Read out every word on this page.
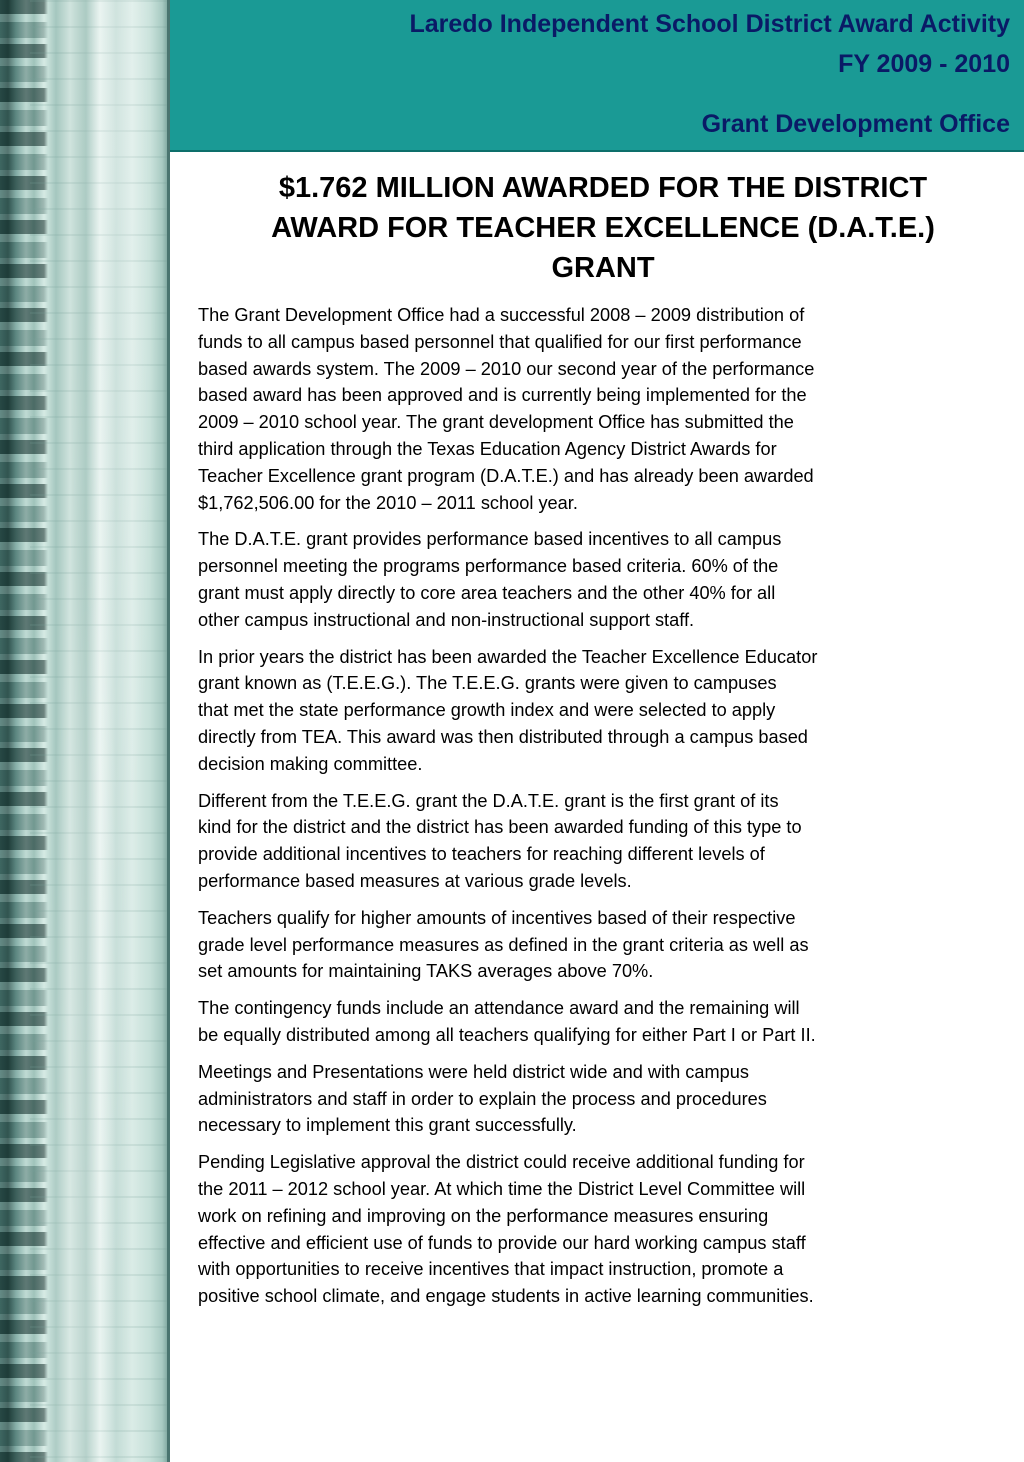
Laredo Independent School District Award Activity
FY 2009 - 2010
Grant Development Office
$1.762 MILLION AWARDED FOR THE DISTRICT
AWARD FOR TEACHER EXCELLENCE (D.A.T.E.)
GRANT

The Grant Development Office had a successful 2008 – 2009 distribution of
funds to all campus based personnel that qualified for our first performance
based awards system. The 2009 – 2010 our second year of the performance
based award has been approved and is currently being implemented for the
2009 – 2010 school year. The grant development Office has submitted the
third application through the Texas Education Agency District Awards for
Teacher Excellence grant program (D.A.T.E.) and has already been awarded
$1,762,506.00 for the 2010 – 2011 school year.

The D.A.T.E. grant provides performance based incentives to all campus
personnel meeting the programs performance based criteria. 60% of the
grant must apply directly to core area teachers and the other 40% for all
other campus instructional and non-instructional support staff.

In prior years the district has been awarded the Teacher Excellence Educator
grant known as (T.E.E.G.). The T.E.E.G. grants were given to campuses
that met the state performance growth index and were selected to apply
directly from TEA. This award was then distributed through a campus based
decision making committee.

Different from the T.E.E.G. grant the D.A.T.E. grant is the first grant of its
kind for the district and the district has been awarded funding of this type to
provide additional incentives to teachers for reaching different levels of
performance based measures at various grade levels.

Teachers qualify for higher amounts of incentives based of their respective
grade level performance measures as defined in the grant criteria as well as
set amounts for maintaining TAKS averages above 70%.

The contingency funds include an attendance award and the remaining will
be equally distributed among all teachers qualifying for either Part I or Part II.

Meetings and Presentations were held district wide and with campus
administrators and staff in order to explain the process and procedures
necessary to implement this grant successfully.

Pending Legislative approval the district could receive additional funding for
the 2011 – 2012 school year. At which time the District Level Committee will
work on refining and improving on the performance measures ensuring
effective and efficient use of funds to provide our hard working campus staff
with opportunities to receive incentives that impact instruction, promote a
positive school climate, and engage students in active learning communities.
